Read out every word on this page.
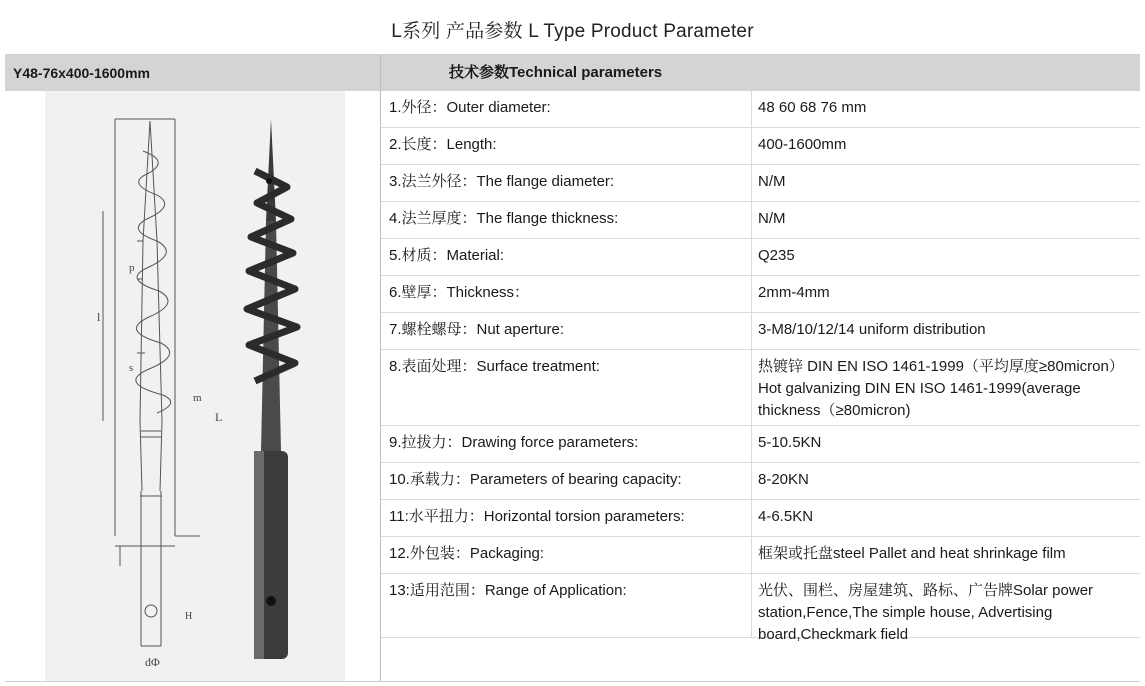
L系列 产品参数 L Type Product Parameter
Y48-76x400-1600mm	技术参数Technical parameters
l
p
s
m
L
H
dΦ
1.外径：Outer diameter:	48 60 68 76 mm
2.长度：Length:	400-1600mm
3.法兰外径：The flange diameter:	N/M
4.法兰厚度：The flange thickness:	N/M
5.材质：Material:	Q235
6.壁厚：Thickness：	2mm-4mm
7.螺栓螺母：Nut aperture:	3-M8/10/12/14 uniform distribution
8.表面处理：Surface treatment:	热镀锌 DIN EN ISO 1461-1999（平均厚度≥80micron）Hot galvanizing DIN EN ISO 1461-1999(average thickness（≥80micron)
9.拉拔力：Drawing force parameters:	5-10.5KN
10.承载力：Parameters of bearing capacity:	8-20KN
11:水平扭力：Horizontal torsion parameters:	4-6.5KN
12.外包装：Packaging:	框架或托盘steel Pallet and heat shrinkage film
13:适用范围：Range of Application:	光伏、围栏、房屋建筑、路标、广告牌Solar power station,Fence,The simple house, Advertising board,Checkmark field
